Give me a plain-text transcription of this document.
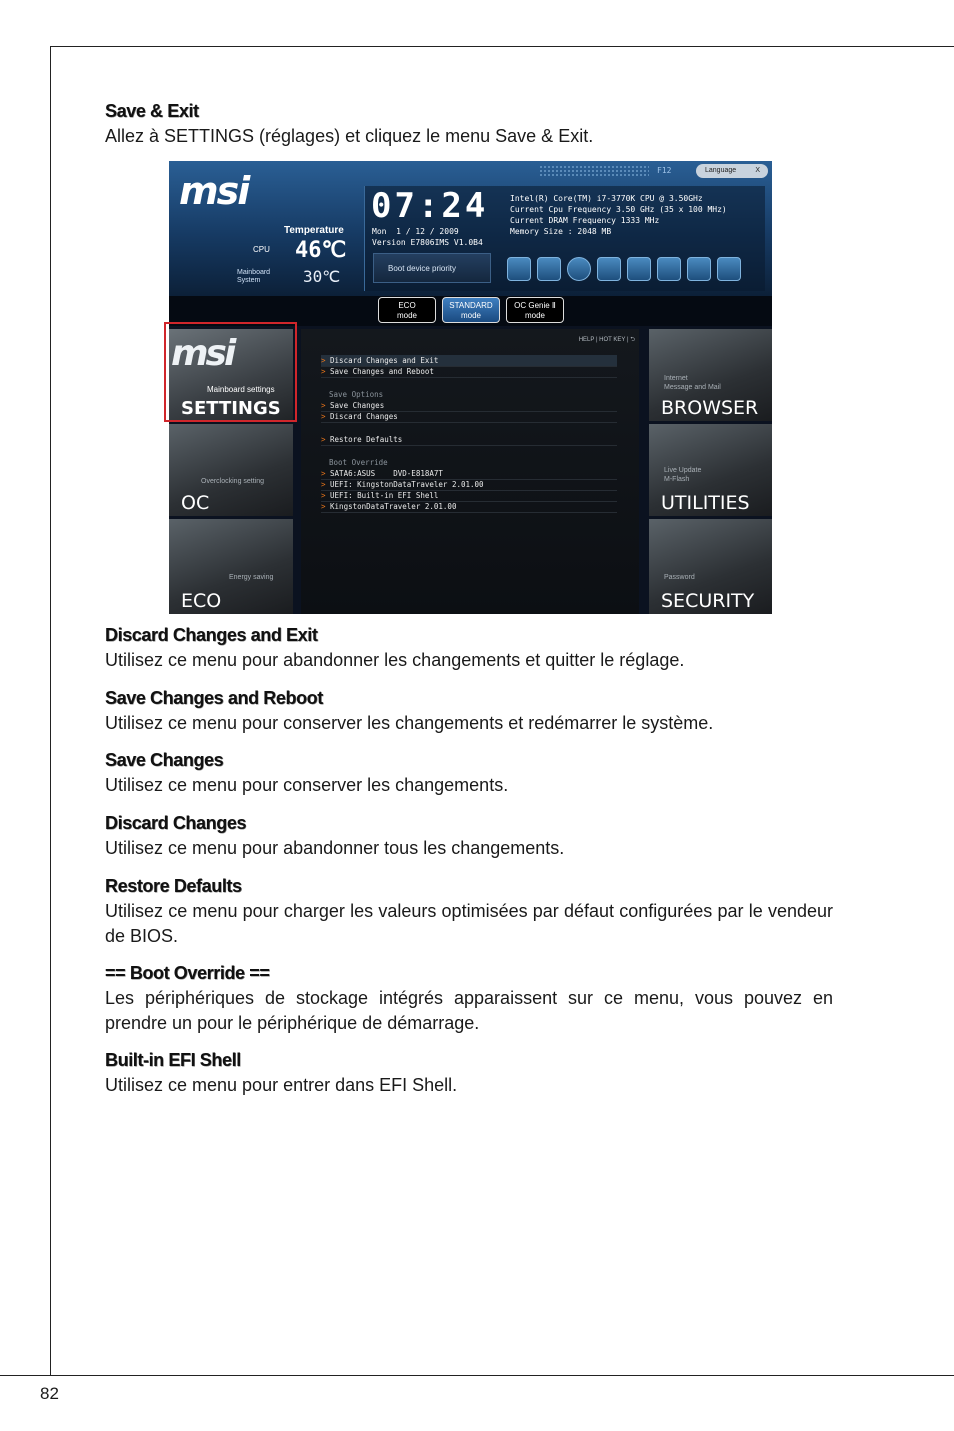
Save & Exit

Allez à SETTINGS (réglages) et cliquez le menu Save & Exit.

msi	F12	Language	X
Temperature
CPU 46℃
Mainboard System	30℃
07:24
Mon  1 / 12 / 2009
Version E7806IMS V1.0B4
Intel(R) Core(TM) i7-3770K CPU @ 3.50GHz
Current Cpu Frequency 3.50 GHz (35 x 100 MHz)
Current DRAM Frequency 1333 MHz
Memory Size : 2048 MB
Boot device priority
ECO
mode
STANDARD
mode
OC Genie Ⅱ
mode
msi
Mainboard settings
SETTINGS
Overclocking setting
OC
Energy saving
ECO
HELP | HOT KEY | ⮌
> Discard Changes and Exit
> Save Changes and Reboot
Save Options
> Save Changes
> Discard Changes
> Restore Defaults
Boot Override
> SATA6:ASUS    DVD-E818A7T
> UEFI: KingstonDataTraveler 2.01.00
> UEFI: Built-in EFI Shell
> KingstonDataTraveler 2.01.00
Internet
Message and Mail
BROWSER
Live Update
M-Flash
UTILITIES
Password
SECURITY
Discard Changes and Exit

Utilisez ce menu pour abandonner les changements et quitter le réglage.

Save Changes and Reboot

Utilisez ce menu pour conserver les changements et redémarrer le système.

Save Changes

Utilisez ce menu pour conserver les changements.

Discard Changes

Utilisez ce menu pour abandonner tous les changements.

Restore Defaults

Utilisez ce menu pour charger les valeurs optimisées par défaut configurées par le vendeur de BIOS.

== Boot Override ==

Les périphériques de stockage intégrés apparaissent sur ce menu, vous pouvez en prendre un pour le périphérique de démarrage.

Built-in EFI Shell

Utilisez ce menu pour entrer dans EFI Shell.

82
